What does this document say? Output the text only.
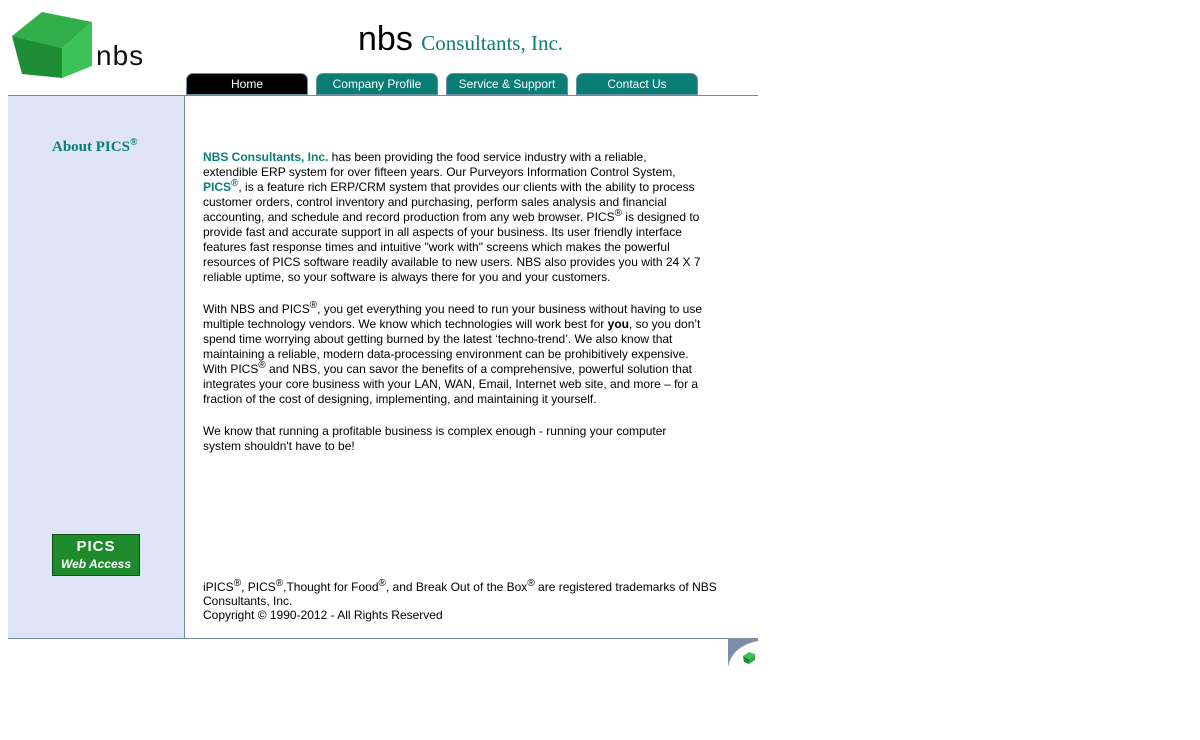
nbs	nbs Consultants, Inc.
Home	Company Profile	Service & Support	Contact Us
About PICS®
PICS
Web Access

NBS Consultants, Inc. has been providing the food service industry with a reliable, extendible ERP system for over fifteen years. Our Purveyors Information Control System, PICS®, is a feature rich ERP/CRM system that provides our clients with the ability to process customer orders, control inventory and purchasing, perform sales analysis and financial accounting, and schedule and record production from any web browser. PICS® is designed to provide fast and accurate support in all aspects of your business. Its user friendly interface features fast response times and intuitive "work with" screens which makes the powerful resources of PICS software readily available to new users. NBS also provides you with 24 X 7 reliable uptime, so your software is always there for you and your customers.

With NBS and PICS®, you get everything you need to run your business without having to use multiple technology vendors. We know which technologies will work best for you, so you don’t spend time worrying about getting burned by the latest ‘techno-trend’. We also know that maintaining a reliable, modern data-processing environment can be prohibitively expensive. With PICS® and NBS, you can savor the benefits of a comprehensive, powerful solution that integrates your core business with your LAN, WAN, Email, Internet web site, and more – for a fraction of the cost of designing, implementing, and maintaining it yourself.

We know that running a profitable business is complex enough - running your computer system shouldn't have to be!

iPICS®, PICS®,Thought for Food®, and Break Out of the Box® are registered trademarks of NBS Consultants, Inc.
Copyright © 1990-2012 - All Rights Reserved
